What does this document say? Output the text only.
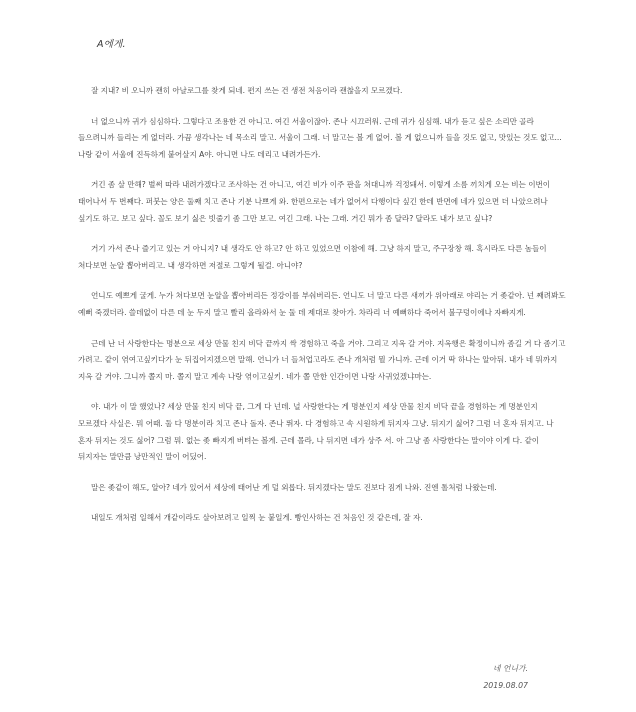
A에게.

잘 지내? 비 오니까 괜히 아날로그를 찾게 되네. 편지 쓰는 건 생전 처음이라 괜찮을지 모르겠다.

너 없으니까 귀가 심심하다. 그렇다고 조용한 건 아니고. 여긴 서울이잖아. 존나 시끄러워. 근데 귀가 심심해. 내가 듣고 싶은 소리만 골라 들으려니까 들리는 게 없더라. 가끔 생각나는 네 목소리 말고. 서울이 그래. 너 말고는 볼 게 없어. 볼 게 없으니까 들을 것도 없고, 맛있는 것도 없고... 나랑 같이 서울에 진득하게 붙어살지 A야. 아니면 나도 데리고 내려가든가.

거긴 좀 살 만해? 벌써 따라 내려가겠다고 조사하는 건 아니고, 여긴 비가 이주 판을 쳐대니까 걱정돼서. 이렇게 소름 끼치게 오는 비는 이번이 태어나서 두 번째다. 퍼붓는 양은 둘째 치고 존나 기분 나쁘게 와. 한편으로는 네가 없어서 다행이다 싶긴 한데 반면에 네가 있으면 더 나았으려나 싶기도 하고. 보고 싶다. 꼴도 보기 싫은 빗줄기 좀 그만 보고. 여긴 그래. 나는 그래. 거긴 뭐가 좀 달라? 달라도 내가 보고 싶냐?

거기 가서 존나 즐기고 있는 거 아니지? 내 생각도 안 하고? 안 하고 있었으면 이참에 해. 그냥 하지 말고, 주구장창 해. 혹시라도 다른 놈들이 쳐다보면 눈알 뽑아버리고. 내 생각하면 저절로 그렇게 될걸. 아니야?

언니도 예쁘게 굴게. 누가 쳐다보면 눈알을 뽑아버리든 정강이를 부숴버리든. 언니도 너 말고 다른 새끼가 위아래로 야리는 거 좆같아. 넌 째려봐도 예뻐 죽겠더라. 쓸데없이 다른 데 눈 두지 말고 빨리 올라와서 눈 둘 데 제대로 찾아가. 차라리 너 예뻐하다 죽어서 불구덩이에나 자빠지게.

근데 난 너 사랑한다는 명분으로 세상 만물 친지 비닥 끝까지 싹 경험하고 죽을 거야. 그리고 지옥 갈 거야. 지옥행은 확정이니까 좀길 거 다 좀기고 가려고. 같이 엮여고싶키다가 눈 뒤집어지겠으면 말해. 언니가 너 들쳐업고라도 존나 개처럼 뭘 가니까. 근데 이거 딱 하나는 알아둬. 내가 네 뭐까지 지옥 갈 거야. 그니까 쫄지 마. 쫄지 말고 계속 나랑 엮이고싶키. 네가 쫄 만한 인간이면 나랑 사귀었겠냐마는.

야. 내가 이 말 했었나? 세상 만물 친지 비닥 끝, 그게 다 넌데. 널 사랑한다는 게 명분인지 세상 만물 친지 비닥 끝을 경험하는 게 명분인지 모르겠다 사실은. 뭐 어때. 둘 다 명분이라 치고 존나 돌자. 존나 뛰자. 다 경험하고 속 시원하게 뒤지자 그냥. 뒤지기 싫어? 그럼 너 혼자 뒤지고. 나 혼자 뒤지는 것도 싫어? 그럼 뭐. 없는 좆 빠지게 버텨는 볼게. 근데 몰라, 나 뒤지면 네가 상주 서. 아 그냥 좀 사랑한다는 말이야 이게 다. 같이 뒤지자는 말만큼 낭만적인 말이 어딨어.

말은 좆같이 해도, 알아? 네가 있어서 세상에 태어난 게 덜 외롭다. 뒤지겠다는 말도 진보다 짐게 나와. 진엔 톨처럼 나왔는데.

내일도 개처럼 일해서 개같이라도 살아보려고 일찍 눈 붙일게. 빵인사하는 건 처음인 것 같은데, 잘 자.

네 언니가.
2019.08.07
